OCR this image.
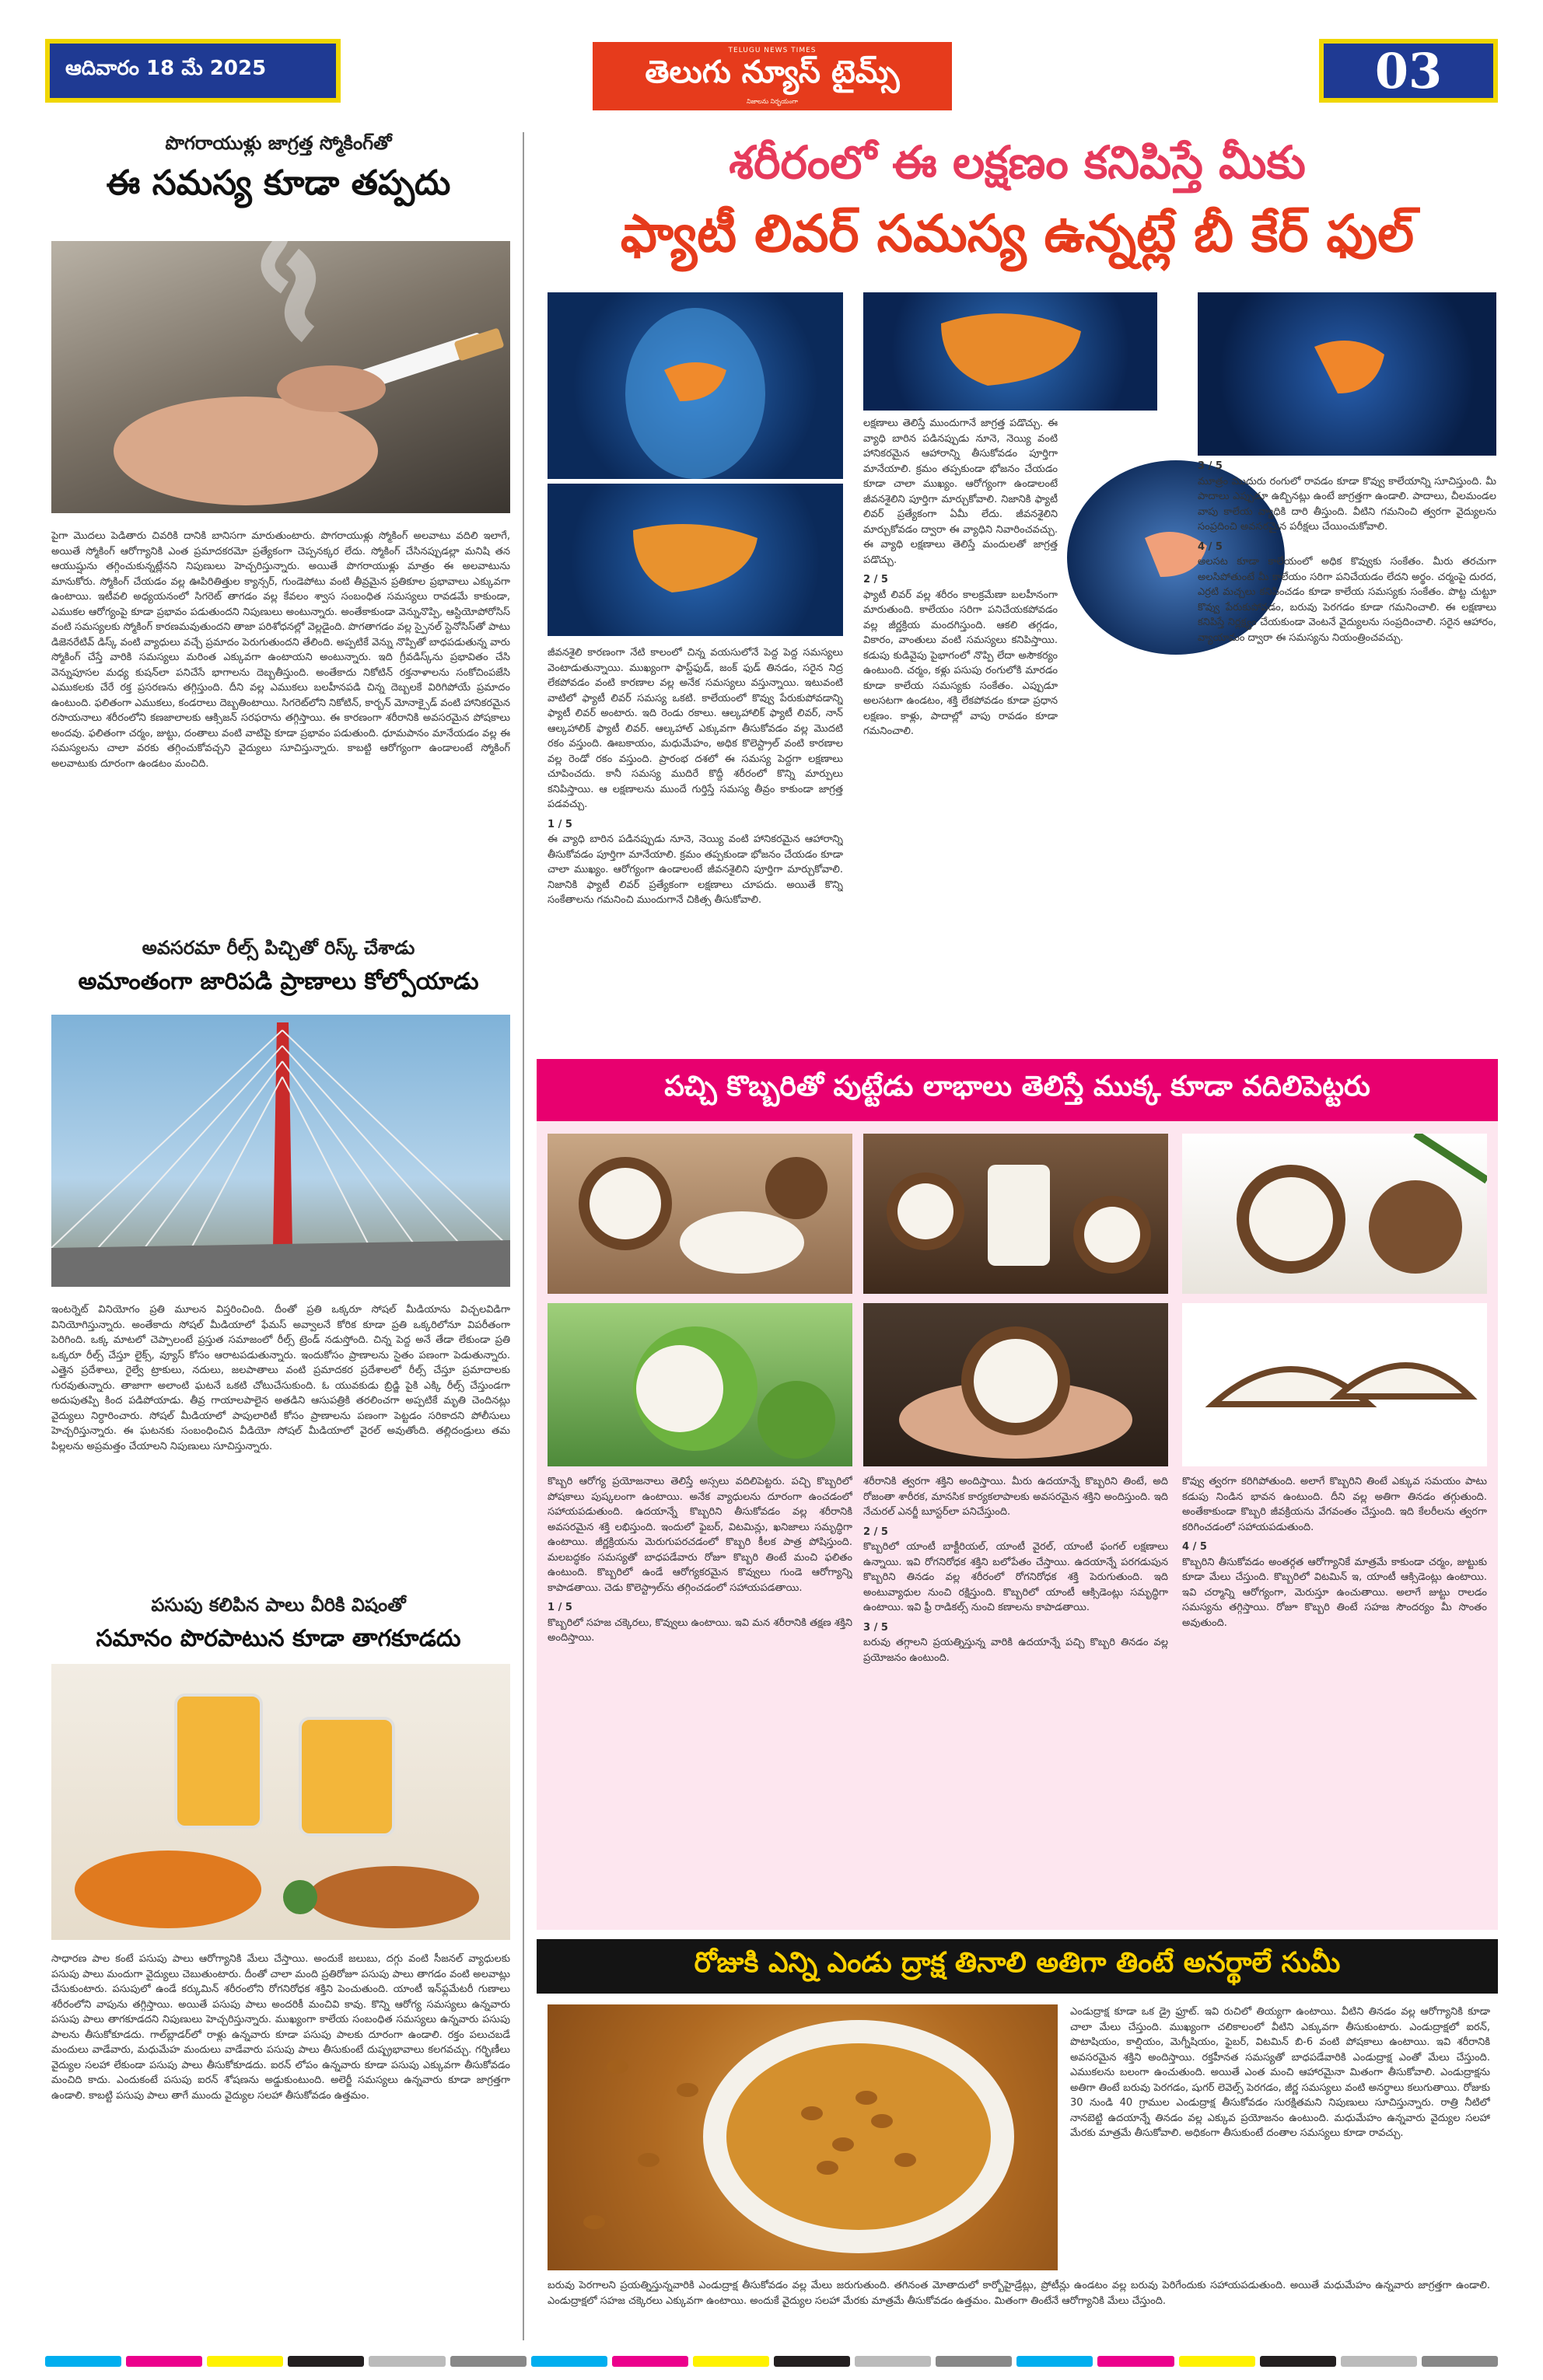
ఆదివారం 18 మే 2025
TELUGU NEWS TIMES
తెలుగు న్యూస్ టైమ్స్
నిజాలను నిర్భయంగా
03
పొగరాయుళ్లు జాగ్రత్త స్మోకింగ్‌తో
ఈ సమస్య కూడా తప్పదు
పైగా మొదలు పెడితారు చివరికి దానికి బానిసగా మారుతుంటారు. పొగరాయుళ్లు స్మోకింగ్ అలవాటు వదిలి ఇలాగే, అయితే స్మోకింగ్ ఆరోగ్యానికి ఎంత ప్రమాదకరమో ప్రత్యేకంగా చెప్పనక్కర లేదు. స్మోకింగ్ చేసినప్పుడల్లా మనిషి తన ఆయుష్షును తగ్గించుకున్నట్లేనని నిపుణులు హెచ్చరిస్తున్నారు. అయితే పొగరాయుళ్లు మాత్రం ఈ అలవాటును మానుకోరు. స్మోకింగ్ చేయడం వల్ల ఊపిరితిత్తుల క్యాన్సర్, గుండెపోటు వంటి తీవ్రమైన ప్రతికూల ప్రభావాలు ఎక్కువగా ఉంటాయి. ఇటీవలి అధ్యయనంలో సిగరెట్ తాగడం వల్ల కేవలం శ్వాస సంబంధిత సమస్యలు రావడమే కాకుండా, ఎముకల ఆరోగ్యంపై కూడా ప్రభావం పడుతుందని నిపుణులు అంటున్నారు. అంతేకాకుండా వెన్నునొప్పి, ఆస్టియోపోరోసిస్ వంటి సమస్యలకు స్మోకింగ్ కారణమవుతుందని తాజా పరిశోధనల్లో వెల్లడైంది. పొగతాగడం వల్ల స్పైనల్ స్టెనోసిస్‌తో పాటు డిజెనరేటివ్ డిస్క్ వంటి వ్యాధులు వచ్చే ప్రమాదం పెరుగుతుందని తేలింది. అప్పటికే వెన్ను నొప్పితో బాధపడుతున్న వారు స్మోకింగ్ చేస్తే వారికి సమస్యలు మరింత ఎక్కువగా ఉంటాయని అంటున్నారు. ఇది గ్రీవడిస్క్‌ను ప్రభావితం చేసి వెన్నుపూసల మధ్య కుషన్‌లా పనిచేసే భాగాలను దెబ్బతీస్తుంది. అంతేకాదు నికోటిన్ రక్తనాళాలను సంకోచింపజేసి ఎముకలకు చేరే రక్త ప్రసరణను తగ్గిస్తుంది. దీని వల్ల ఎముకలు బలహీనపడి చిన్న దెబ్బలకే విరిగిపోయే ప్రమాదం ఉంటుంది. ఫలితంగా ఎముకలు, కండరాలు దెబ్బతింటాయి. సిగరెట్‌లోని నికోటిన్, కార్బన్ మోనాక్సైడ్ వంటి హానికరమైన రసాయనాలు శరీరంలోని కణజాలాలకు ఆక్సిజన్ సరఫరాను తగ్గిస్తాయి. ఈ కారణంగా శరీరానికి అవసరమైన పోషకాలు అందవు. ఫలితంగా చర్మం, జుట్టు, దంతాలు వంటి వాటిపై కూడా ప్రభావం పడుతుంది. ధూమపానం మానేయడం వల్ల ఈ సమస్యలను చాలా వరకు తగ్గించుకోవచ్చని వైద్యులు సూచిస్తున్నారు. కాబట్టి ఆరోగ్యంగా ఉండాలంటే స్మోకింగ్ అలవాటుకు దూరంగా ఉండటం మంచిది.
అవసరమా రీల్స్ పిచ్చితో రిస్క్ చేశాడు
అమాంతంగా జారిపడి ప్రాణాలు కోల్పోయాడు
ఇంటర్నెట్ వినియోగం ప్రతి మూలన విస్తరించింది. దీంతో ప్రతి ఒక్కరూ సోషల్ మీడియాను విచ్చలవిడిగా వినియోగిస్తున్నారు. అంతేకాదు సోషల్ మీడియాలో ఫేమస్ అవ్వాలనే కోరిక కూడా ప్రతి ఒక్కరిలోనూ విపరీతంగా పెరిగింది. ఒక్క మాటలో చెప్పాలంటే ప్రస్తుత సమాజంలో రీల్స్ ట్రెండ్ నడుస్తోంది. చిన్న పెద్ద అనే తేడా లేకుండా ప్రతి ఒక్కరూ రీల్స్ చేస్తూ లైక్స్, వ్యూస్ కోసం ఆరాటపడుతున్నారు. ఇందుకోసం ప్రాణాలను సైతం పణంగా పెడుతున్నారు. ఎత్తైన ప్రదేశాలు, రైల్వే ట్రాకులు, నదులు, జలపాతాలు వంటి ప్రమాదకర ప్రదేశాలలో రీల్స్ చేస్తూ ప్రమాదాలకు గురవుతున్నారు. తాజాగా అలాంటి ఘటనే ఒకటి చోటుచేసుకుంది. ఓ యువకుడు బ్రిడ్జి పైకి ఎక్కి రీల్స్ చేస్తుండగా అదుపుతప్పి కింద పడిపోయాడు. తీవ్ర గాయాలపాలైన అతడిని ఆసుపత్రికి తరలించగా అప్పటికే మృతి చెందినట్లు వైద్యులు నిర్ధారించారు. సోషల్ మీడియాలో పాపులారిటీ కోసం ప్రాణాలను పణంగా పెట్టడం సరికాదని పోలీసులు హెచ్చరిస్తున్నారు. ఈ ఘటనకు సంబంధించిన వీడియో సోషల్ మీడియాలో వైరల్ అవుతోంది. తల్లిదండ్రులు తమ పిల్లలను అప్రమత్తం చేయాలని నిపుణులు సూచిస్తున్నారు.
పసుపు కలిపిన పాలు వీరికి విషంతో
సమానం పొరపాటున కూడా తాగకూడదు
సాధారణ పాల కంటే పసుపు పాలు ఆరోగ్యానికి మేలు చేస్తాయి. అందుకే జలుబు, దగ్గు వంటి సీజనల్ వ్యాధులకు పసుపు పాలు మందుగా వైద్యులు చెబుతుంటారు. దీంతో చాలా మంది ప్రతిరోజూ పసుపు పాలు తాగడం వంటి అలవాట్లు చేసుకుంటారు. పసుపులో ఉండే కర్కుమిన్ శరీరంలోని రోగనిరోధక శక్తిని పెంచుతుంది. యాంటీ ఇన్‌ఫ్లమేటరీ గుణాలు శరీరంలోని వాపును తగ్గిస్తాయి. అయితే పసుపు పాలు అందరికీ మంచివి కావు. కొన్ని ఆరోగ్య సమస్యలు ఉన్నవారు పసుపు పాలు తాగకూడదని నిపుణులు హెచ్చరిస్తున్నారు. ముఖ్యంగా కాలేయ సంబంధిత సమస్యలు ఉన్నవారు పసుపు పాలను తీసుకోకూడదు. గాల్‌బ్లాడర్‌లో రాళ్లు ఉన్నవారు కూడా పసుపు పాలకు దూరంగా ఉండాలి. రక్తం పలుచబడే మందులు వాడేవారు, మధుమేహ మందులు వాడేవారు పసుపు పాలు తీసుకుంటే దుష్ప్రభావాలు కలగవచ్చు. గర్భిణీలు వైద్యుల సలహా లేకుండా పసుపు పాలు తీసుకోకూడదు. ఐరన్ లోపం ఉన్నవారు కూడా పసుపు ఎక్కువగా తీసుకోవడం మంచిది కాదు. ఎందుకంటే పసుపు ఐరన్ శోషణను అడ్డుకుంటుంది. అలెర్జీ సమస్యలు ఉన్నవారు కూడా జాగ్రత్తగా ఉండాలి. కాబట్టి పసుపు పాలు తాగే ముందు వైద్యుల సలహా తీసుకోవడం ఉత్తమం.
శరీరంలో ఈ లక్షణం కనిపిస్తే మీకు
ఫ్యాటీ లివర్ సమస్య ఉన్నట్లే బీ కేర్ ఫుల్
జీవనశైలి కారణంగా నేటి కాలంలో చిన్న వయసులోనే పెద్ద పెద్ద సమస్యలు వెంటాడుతున్నాయి. ముఖ్యంగా ఫాస్ట్‌ఫుడ్, జంక్ ఫుడ్ తినడం, సరైన నిద్ర లేకపోవడం వంటి కారణాల వల్ల అనేక సమస్యలు వస్తున్నాయి. ఇటువంటి వాటిలో ఫ్యాటీ లివర్ సమస్య ఒకటి. కాలేయంలో కొవ్వు పేరుకుపోవడాన్ని ఫ్యాటీ లివర్ అంటారు. ఇది రెండు రకాలు. ఆల్కహాలిక్ ఫ్యాటీ లివర్, నాన్ ఆల్కహాలిక్ ఫ్యాటీ లివర్. ఆల్కహాల్ ఎక్కువగా తీసుకోవడం వల్ల మొదటి రకం వస్తుంది. ఊబకాయం, మధుమేహం, అధిక కొలెస్ట్రాల్ వంటి కారణాల వల్ల రెండో రకం వస్తుంది. ప్రారంభ దశలో ఈ సమస్య పెద్దగా లక్షణాలు చూపించదు. కానీ సమస్య ముదిరే కొద్దీ శరీరంలో కొన్ని మార్పులు కనిపిస్తాయి. ఆ లక్షణాలను ముందే గుర్తిస్తే సమస్య తీవ్రం కాకుండా జాగ్రత్త పడవచ్చు.
1 / 5
ఈ వ్యాధి బారిన పడినప్పుడు నూనె, నెయ్యి వంటి హానికరమైన ఆహారాన్ని తీసుకోవడం పూర్తిగా మానేయాలి. క్రమం తప్పకుండా భోజనం చేయడం కూడా చాలా ముఖ్యం. ఆరోగ్యంగా ఉండాలంటే జీవనశైలిని పూర్తిగా మార్చుకోవాలి. నిజానికి ఫ్యాటీ లివర్ ప్రత్యేకంగా లక్షణాలు చూపదు. అయితే కొన్ని సంకేతాలను గమనించి ముందుగానే చికిత్స తీసుకోవాలి.
లక్షణాలు తెలిస్తే ముందుగానే జాగ్రత్త పడొచ్చు. ఈ వ్యాధి బారిన పడినప్పుడు నూనె, నెయ్యి వంటి హానికరమైన ఆహారాన్ని తీసుకోవడం పూర్తిగా మానేయాలి. క్రమం తప్పకుండా భోజనం చేయడం కూడా చాలా ముఖ్యం. ఆరోగ్యంగా ఉండాలంటే జీవనశైలిని పూర్తిగా మార్చుకోవాలి. నిజానికి ఫ్యాటీ లివర్ ప్రత్యేకంగా ఏమీ లేదు. జీవనశైలిని మార్చుకోవడం ద్వారా ఈ వ్యాధిని నివారించవచ్చు. ఈ వ్యాధి లక్షణాలు తెలిస్తే మందులతో జాగ్రత్త పడొచ్చు.
2 / 5
ఫ్యాటీ లివర్ వల్ల శరీరం కాలక్రమేణా బలహీనంగా మారుతుంది. కాలేయం సరిగా పనిచేయకపోవడం వల్ల జీర్ణక్రియ మందగిస్తుంది. ఆకలి తగ్గడం, వికారం, వాంతులు వంటి సమస్యలు కనిపిస్తాయి. కడుపు కుడివైపు పైభాగంలో నొప్పి లేదా అసౌకర్యం ఉంటుంది. చర్మం, కళ్లు పసుపు రంగులోకి మారడం కూడా కాలేయ సమస్యకు సంకేతం. ఎప్పుడూ అలసటగా ఉండటం, శక్తి లేకపోవడం కూడా ప్రధాన లక్షణం. కాళ్లు, పాదాల్లో వాపు రావడం కూడా గమనించాలి.
3 / 5
మూత్రం ముదురు రంగులో రావడం కూడా కొవ్వు కాలేయాన్ని సూచిస్తుంది. మీ పాదాలు ఎప్పుడూ ఉబ్బినట్లు ఉంటే జాగ్రత్తగా ఉండాలి. పాదాలు, చీలమండల వాపు కాలేయ వ్యాధికి దారి తీస్తుంది. వీటిని గమనించి త్వరగా వైద్యులను సంప్రదించి అవసరమైన పరీక్షలు చేయించుకోవాలి.
4 / 5
అలసట కూడా కాలేయంలో అధిక కొవ్వుకు సంకేతం. మీరు తరచుగా అలసిపోతుంటే మీ కాలేయం సరిగా పనిచేయడం లేదని అర్థం. చర్మంపై దురద, ఎర్రటి మచ్చలు కనిపించడం కూడా కాలేయ సమస్యకు సంకేతం. పొట్ట చుట్టూ కొవ్వు పేరుకుపోవడం, బరువు పెరగడం కూడా గమనించాలి. ఈ లక్షణాలు కనిపిస్తే నిర్లక్ష్యం చేయకుండా వెంటనే వైద్యులను సంప్రదించాలి. సరైన ఆహారం, వ్యాయామం ద్వారా ఈ సమస్యను నియంత్రించవచ్చు.
పచ్చి కొబ్బరితో పుట్టేడు లాభాలు తెలిస్తే ముక్క కూడా వదిలిపెట్టరు
కొబ్బరి ఆరోగ్య ప్రయోజనాలు తెలిస్తే అస్సలు వదిలిపెట్టరు. పచ్చి కొబ్బరిలో పోషకాలు పుష్కలంగా ఉంటాయి. అనేక వ్యాధులను దూరంగా ఉంచడంలో సహాయపడుతుంది. ఉదయాన్నే కొబ్బరిని తీసుకోవడం వల్ల శరీరానికి అవసరమైన శక్తి లభిస్తుంది. ఇందులో ఫైబర్, విటమిన్లు, ఖనిజాలు సమృద్ధిగా ఉంటాయి. జీర్ణక్రియను మెరుగుపరచడంలో కొబ్బరి కీలక పాత్ర పోషిస్తుంది. మలబద్ధకం సమస్యతో బాధపడేవారు రోజూ కొబ్బరి తింటే మంచి ఫలితం ఉంటుంది. కొబ్బరిలో ఉండే ఆరోగ్యకరమైన కొవ్వులు గుండె ఆరోగ్యాన్ని కాపాడతాయి. చెడు కొలెస్ట్రాల్‌ను తగ్గించడంలో సహాయపడతాయి.
1 / 5
కొబ్బరిలో సహజ చక్కెరలు, కొవ్వులు ఉంటాయి. ఇవి మన శరీరానికి తక్షణ శక్తిని అందిస్తాయి.
శరీరానికి త్వరగా శక్తిని అందిస్తాయి. మీరు ఉదయాన్నే కొబ్బరిని తింటే, అది రోజంతా శారీరక, మానసిక కార్యకలాపాలకు అవసరమైన శక్తిని అందిస్తుంది. ఇది నేచురల్ ఎనర్జీ బూస్టర్‌లా పనిచేస్తుంది.
2 / 5
కొబ్బరిలో యాంటీ బాక్టీరియల్, యాంటీ వైరల్, యాంటీ ఫంగల్ లక్షణాలు ఉన్నాయి. ఇవి రోగనిరోధక శక్తిని బలోపేతం చేస్తాయి. ఉదయాన్నే పరగడుపున కొబ్బరిని తినడం వల్ల శరీరంలో రోగనిరోధక శక్తి పెరుగుతుంది. ఇది అంటువ్యాధుల నుంచి రక్షిస్తుంది. కొబ్బరిలో యాంటీ ఆక్సిడెంట్లు సమృద్ధిగా ఉంటాయి. ఇవి ఫ్రీ రాడికల్స్ నుంచి కణాలను కాపాడతాయి.
3 / 5
బరువు తగ్గాలని ప్రయత్నిస్తున్న వారికి ఉదయాన్నే పచ్చి కొబ్బరి తినడం వల్ల ప్రయోజనం ఉంటుంది.
కొవ్వు త్వరగా కరిగిపోతుంది. అలాగే కొబ్బరిని తింటే ఎక్కువ సమయం పాటు కడుపు నిండిన భావన ఉంటుంది. దీని వల్ల అతిగా తినడం తగ్గుతుంది. అంతేకాకుండా కొబ్బరి జీవక్రియను వేగవంతం చేస్తుంది. ఇది కేలరీలను త్వరగా కరిగించడంలో సహాయపడుతుంది.
4 / 5
కొబ్బరిని తీసుకోవడం అంతర్గత ఆరోగ్యానికే మాత్రమే కాకుండా చర్మం, జుట్టుకు కూడా మేలు చేస్తుంది. కొబ్బరిలో విటమిన్ ఇ, యాంటీ ఆక్సిడెంట్లు ఉంటాయి. ఇవి చర్మాన్ని ఆరోగ్యంగా, మెరుస్తూ ఉంచుతాయి. అలాగే జుట్టు రాలడం సమస్యను తగ్గిస్తాయి. రోజూ కొబ్బరి తింటే సహజ సౌందర్యం మీ సొంతం అవుతుంది.
రోజుకి ఎన్ని ఎండు ద్రాక్ష తినాలి అతిగా తింటే అనర్థాలే సుమీ
ఎండుద్రాక్ష కూడా ఒక డ్రై ఫ్రూట్. ఇవి రుచిలో తియ్యగా ఉంటాయి. వీటిని తినడం వల్ల ఆరోగ్యానికి కూడా చాలా మేలు చేస్తుంది. ముఖ్యంగా చలికాలంలో వీటిని ఎక్కువగా తీసుకుంటారు. ఎండుద్రాక్షలో ఐరన్, పొటాషియం, కాల్షియం, మెగ్నీషియం, ఫైబర్, విటమిన్ బి-6 వంటి పోషకాలు ఉంటాయి. ఇవి శరీరానికి అవసరమైన శక్తిని అందిస్తాయి. రక్తహీనత సమస్యతో బాధపడేవారికి ఎండుద్రాక్ష ఎంతో మేలు చేస్తుంది. ఎముకలను బలంగా ఉంచుతుంది. అయితే ఎంత మంచి ఆహారమైనా మితంగా తీసుకోవాలి. ఎండుద్రాక్షను అతిగా తింటే బరువు పెరగడం, షుగర్ లెవెల్స్ పెరగడం, జీర్ణ సమస్యలు వంటి అనర్థాలు కలుగుతాయి. రోజుకు 30 నుండి 40 గ్రాముల ఎండుద్రాక్ష తీసుకోవడం సురక్షితమని నిపుణులు సూచిస్తున్నారు. రాత్రి నీటిలో నానబెట్టి ఉదయాన్నే తినడం వల్ల ఎక్కువ ప్రయోజనం ఉంటుంది. మధుమేహం ఉన్నవారు వైద్యుల సలహా మేరకు మాత్రమే తీసుకోవాలి. అధికంగా తీసుకుంటే దంతాల సమస్యలు కూడా రావచ్చు.
బరువు పెరగాలని ప్రయత్నిస్తున్నవారికి ఎండుద్రాక్ష తీసుకోవడం వల్ల మేలు జరుగుతుంది. తగినంత మోతాదులో కార్బోహైడ్రేట్లు, ప్రోటీన్లు ఉండటం వల్ల బరువు పెరిగేందుకు సహాయపడుతుంది. అయితే మధుమేహం ఉన్నవారు జాగ్రత్తగా ఉండాలి. ఎండుద్రాక్షలో సహజ చక్కెరలు ఎక్కువగా ఉంటాయి. అందుకే వైద్యుల సలహా మేరకు మాత్రమే తీసుకోవడం ఉత్తమం. మితంగా తింటేనే ఆరోగ్యానికి మేలు చేస్తుంది.
